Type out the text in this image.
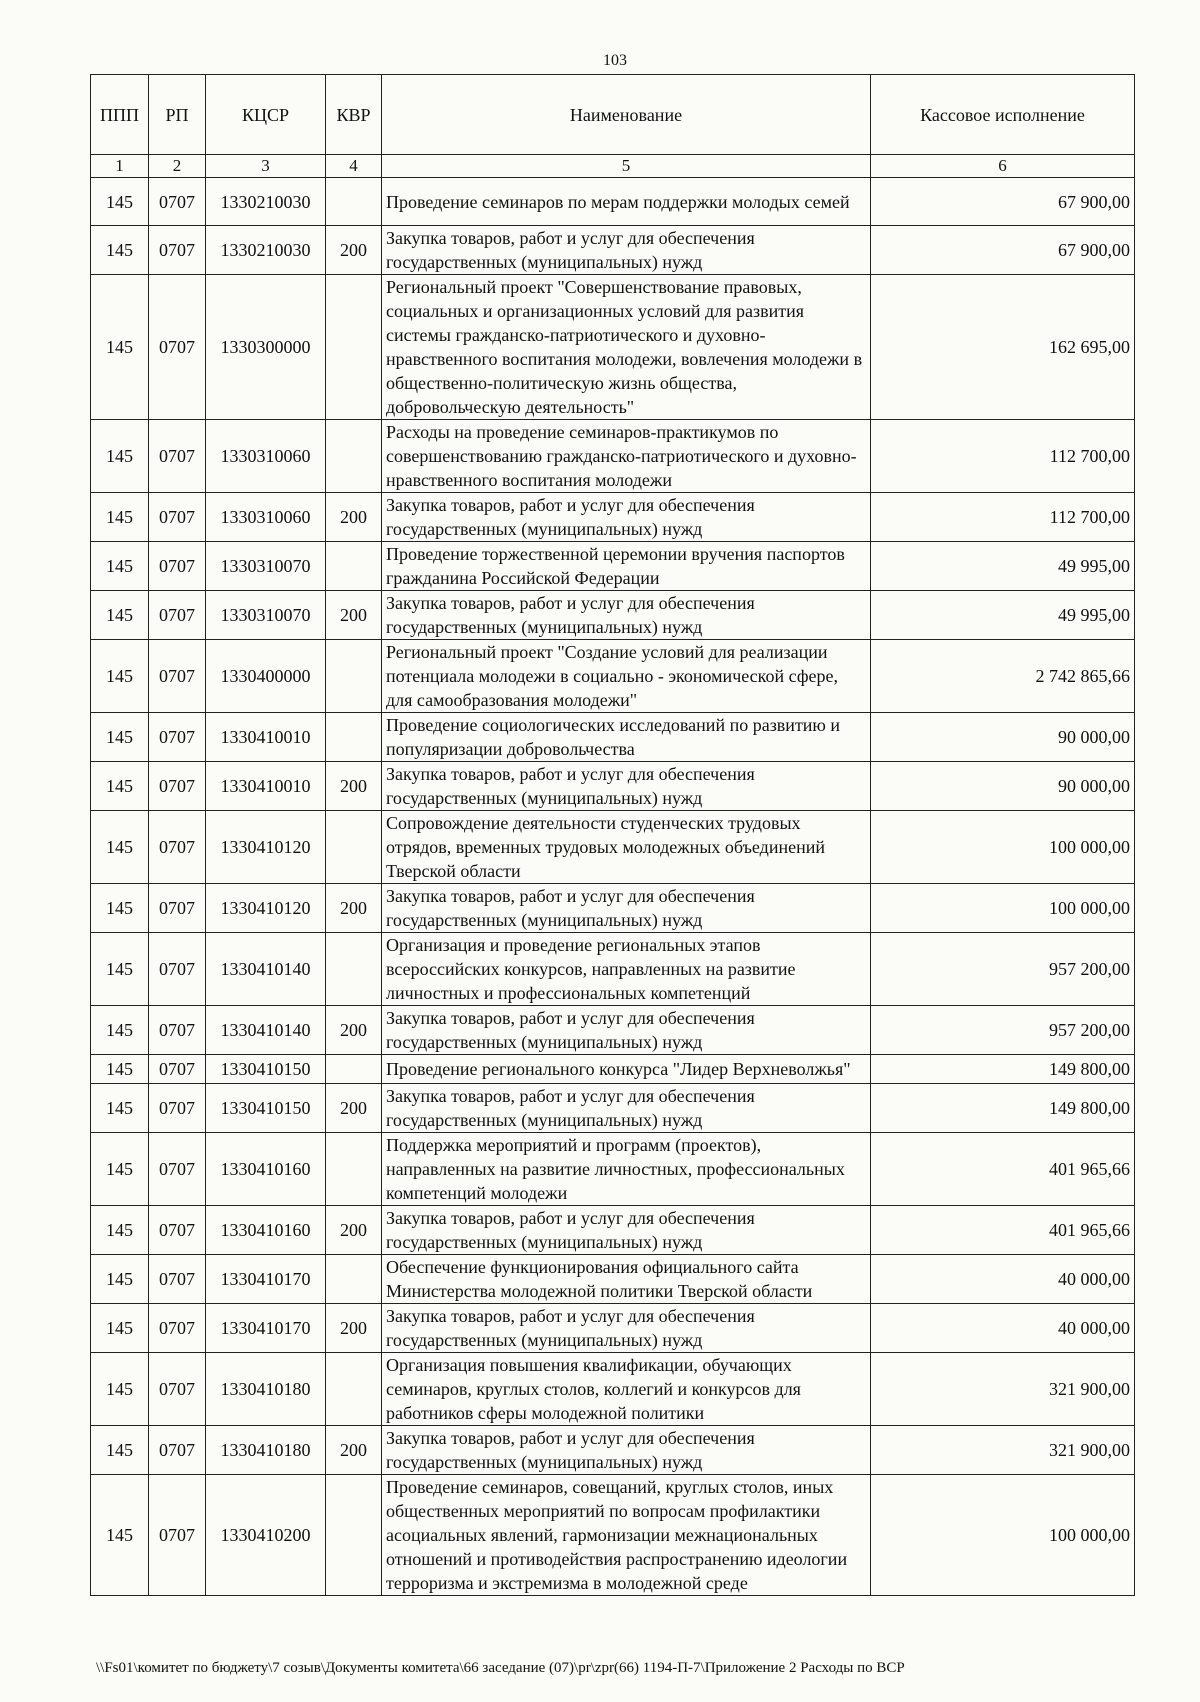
103
ППП	РП	КЦСР	КВР	Наименование	Кассовое исполнение
1	2	3	4	5	6
145	0707	1330210030		Проведение семинаров по мерам поддержки молодых семей	67 900,00
145	0707	1330210030	200	Закупка товаров, работ и услуг для обеспечения государственных (муниципальных) нужд	67 900,00
145	0707	1330300000		Региональный проект "Совершенствование правовых, социальных и организационных условий для развития системы гражданско-патриотического и духовно-нравственного воспитания молодежи, вовлечения молодежи в общественно-политическую жизнь общества, добровольческую деятельность"	162 695,00
145	0707	1330310060		Расходы на проведение семинаров-практикумов по совершенствованию гражданско-патриотического и духовно-нравственного воспитания молодежи	112 700,00
145	0707	1330310060	200	Закупка товаров, работ и услуг для обеспечения государственных (муниципальных) нужд	112 700,00
145	0707	1330310070		Проведение торжественной церемонии вручения паспортов гражданина Российской Федерации	49 995,00
145	0707	1330310070	200	Закупка товаров, работ и услуг для обеспечения государственных (муниципальных) нужд	49 995,00
145	0707	1330400000		Региональный проект "Создание условий для реализации потенциала молодежи в социально - экономической сфере, для самообразования молодежи"	2 742 865,66
145	0707	1330410010		Проведение социологических исследований по развитию и популяризации добровольчества	90 000,00
145	0707	1330410010	200	Закупка товаров, работ и услуг для обеспечения государственных (муниципальных) нужд	90 000,00
145	0707	1330410120		Сопровождение деятельности студенческих трудовых отрядов, временных трудовых молодежных объединений Тверской области	100 000,00
145	0707	1330410120	200	Закупка товаров, работ и услуг для обеспечения государственных (муниципальных) нужд	100 000,00
145	0707	1330410140		Организация и проведение региональных этапов всероссийских конкурсов, направленных на развитие личностных и профессиональных компетенций	957 200,00
145	0707	1330410140	200	Закупка товаров, работ и услуг для обеспечения государственных (муниципальных) нужд	957 200,00
145	0707	1330410150		Проведение регионального конкурса "Лидер Верхневолжья"	149 800,00
145	0707	1330410150	200	Закупка товаров, работ и услуг для обеспечения государственных (муниципальных) нужд	149 800,00
145	0707	1330410160		Поддержка мероприятий и программ (проектов), направленных на развитие личностных, профессиональных компетенций молодежи	401 965,66
145	0707	1330410160	200	Закупка товаров, работ и услуг для обеспечения государственных (муниципальных) нужд	401 965,66
145	0707	1330410170		Обеспечение функционирования официального сайта Министерства молодежной политики Тверской области	40 000,00
145	0707	1330410170	200	Закупка товаров, работ и услуг для обеспечения государственных (муниципальных) нужд	40 000,00
145	0707	1330410180		Организация повышения квалификации, обучающих семинаров, круглых столов, коллегий и конкурсов для работников сферы молодежной политики	321 900,00
145	0707	1330410180	200	Закупка товаров, работ и услуг для обеспечения государственных (муниципальных) нужд	321 900,00
145	0707	1330410200		Проведение семинаров, совещаний, круглых столов, иных общественных мероприятий по вопросам профилактики асоциальных явлений, гармонизации межнациональных отношений и противодействия распространению идеологии терроризма и экстремизма в молодежной среде	100 000,00
\\Fs01\комитет по бюджету\7 созыв\Документы комитета\66 заседание (07)\pr\zpr(66) 1194-П-7\Приложение 2 Расходы по ВСР
